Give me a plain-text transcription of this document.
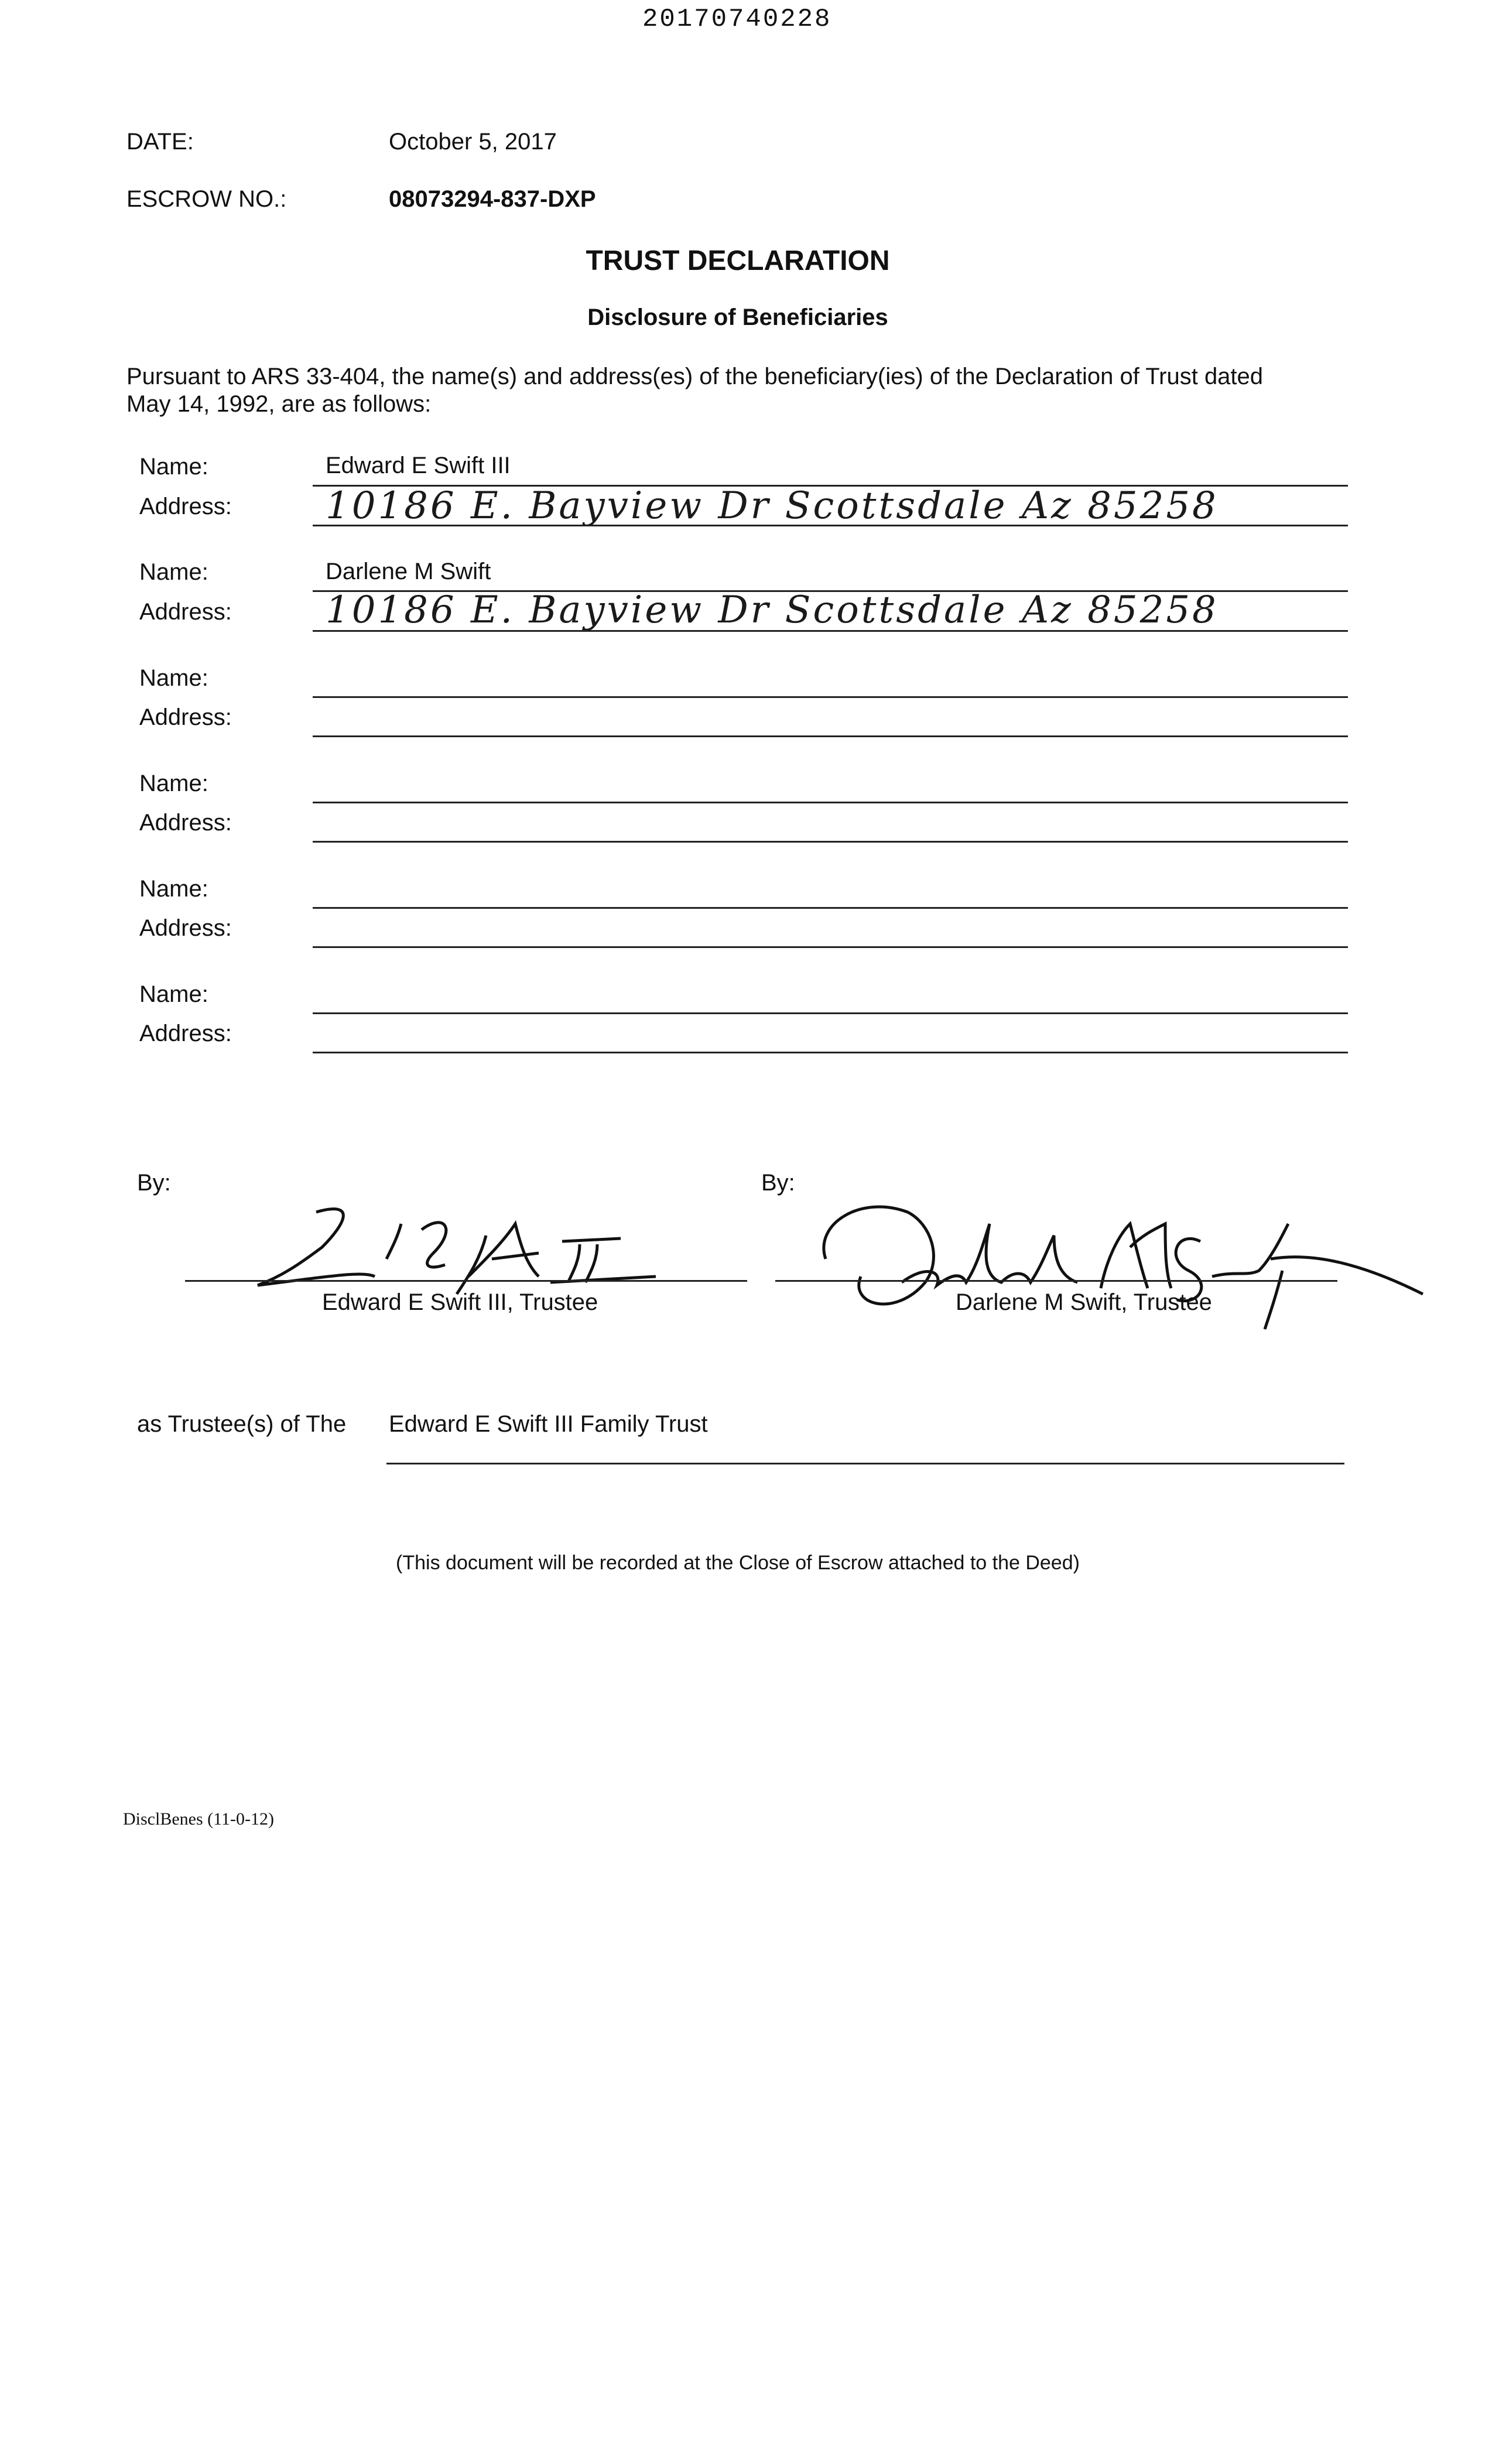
20170740228
DATE:	October 5, 2017
ESCROW NO.:	08073294-837-DXP
TRUST DECLARATION
Disclosure of Beneficiaries
Pursuant to ARS 33-404, the name(s) and address(es) of the beneficiary(ies) of the Declaration of Trust dated
May 14, 1992, are as follows:
Name:	Edward E Swift III
Address:	10186 E. Bayview Dr Scottsdale Az 85258
Name:	Darlene M Swift
Address:	10186 E. Bayview Dr Scottsdale Az 85258
Name:
Address:
Name:
Address:
Name:
Address:
Name:
Address:
By:	By:
Edward E Swift III, Trustee	Darlene M Swift, Trustee
as Trustee(s) of The Edward E Swift III Family Trust
(This document will be recorded at the Close of Escrow attached to the Deed)
DisclBenes (11-0-12)
